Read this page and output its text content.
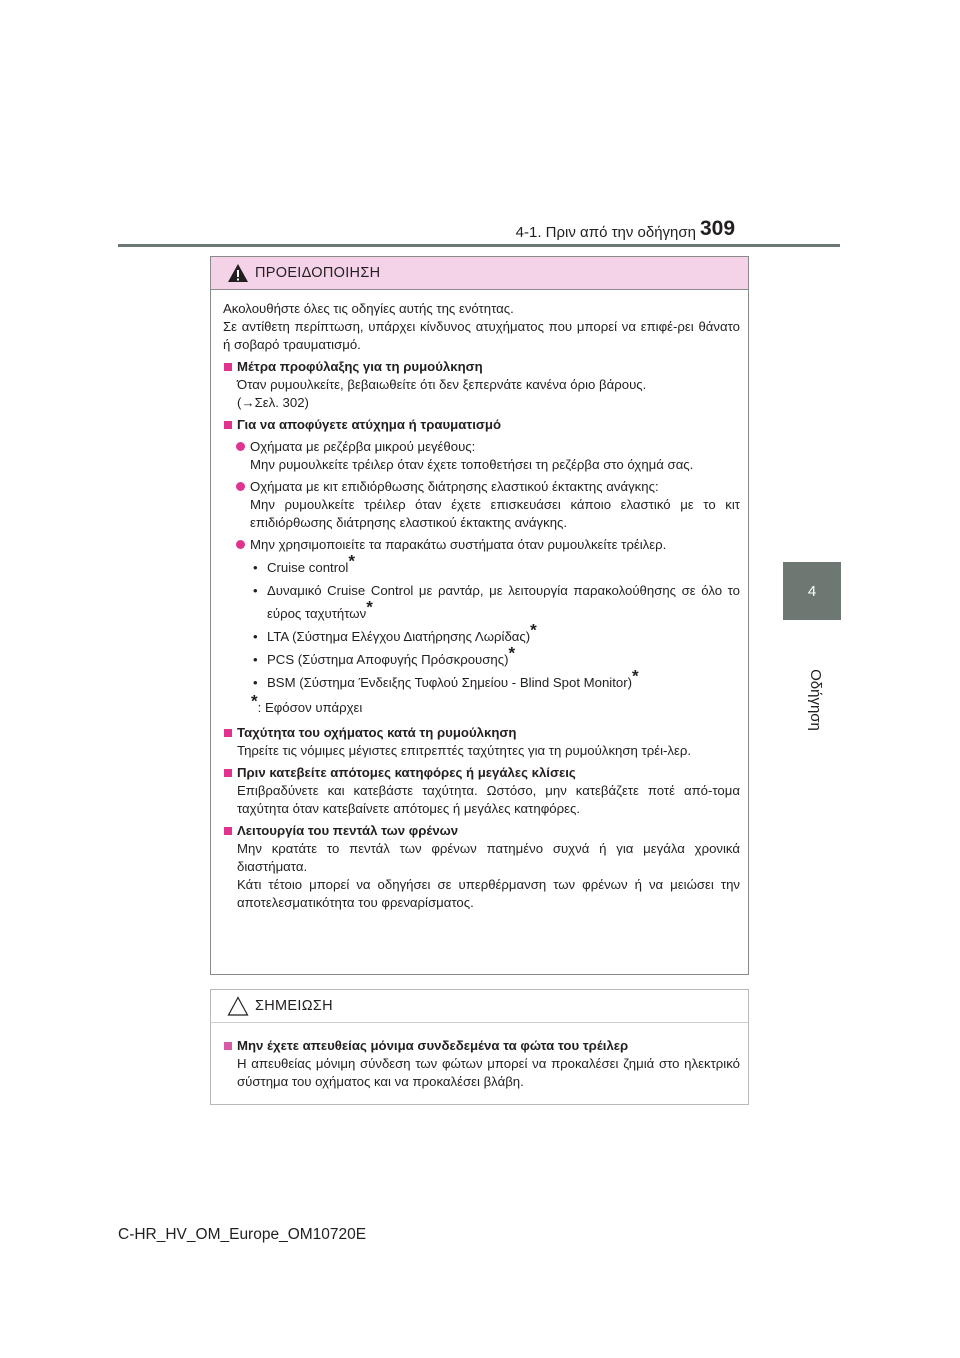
4-1. Πριν από την οδήγηση 309
4
Οδήγηση
ΠΡΟΕΙΔΟΠΟΙΗΣΗ

Ακολουθήστε όλες τις οδηγίες αυτής της ενότητας.

Σε αντίθετη περίπτωση, υπάρχει κίνδυνος ατυχήματος που μπορεί να επιφέ-ρει θάνατο ή σοβαρό τραυματισμό.

Μέτρα προφύλαξης για τη ρυμούλκηση

Όταν ρυμουλκείτε, βεβαιωθείτε ότι δεν ξεπερνάτε κανένα όριο βάρους.

(→Σελ. 302)

Για να αποφύγετε ατύχημα ή τραυματισμό

Οχήματα με ρεζέρβα μικρού μεγέθους:

Μην ρυμουλκείτε τρέιλερ όταν έχετε τοποθετήσει τη ρεζέρβα στο όχημά σας.

Οχήματα με κιτ επιδιόρθωσης διάτρησης ελαστικού έκτακτης ανάγκης:

Μην ρυμουλκείτε τρέιλερ όταν έχετε επισκευάσει κάποιο ελαστικό με το κιτ επιδιόρθωσης διάτρησης ελαστικού έκτακτης ανάγκης.

Μην χρησιμοποιείτε τα παρακάτω συστήματα όταν ρυμουλκείτε τρέιλερ.

• Cruise control*
• Δυναμικό Cruise Control με ραντάρ, με λειτουργία παρακολούθησης σε όλο το εύρος ταχυτήτων*
• LTA (Σύστημα Ελέγχου Διατήρησης Λωρίδας)*
• PCS (Σύστημα Αποφυγής Πρόσκρουσης)*
• BSM (Σύστημα Ένδειξης Τυφλού Σημείου - Blind Spot Monitor)*
*: Εφόσον υπάρχει
Ταχύτητα του οχήματος κατά τη ρυμούλκηση

Τηρείτε τις νόμιμες μέγιστες επιτρεπτές ταχύτητες για τη ρυμούλκηση τρέι-λερ.

Πριν κατεβείτε απότομες κατηφόρες ή μεγάλες κλίσεις

Επιβραδύνετε και κατεβάστε ταχύτητα. Ωστόσο, μην κατεβάζετε ποτέ από-τομα ταχύτητα όταν κατεβαίνετε απότομες ή μεγάλες κατηφόρες.

Λειτουργία του πεντάλ των φρένων

Μην κρατάτε το πεντάλ των φρένων πατημένο συχνά ή για μεγάλα χρονικά διαστήματα.

Κάτι τέτοιο μπορεί να οδηγήσει σε υπερθέρμανση των φρένων ή να μειώσει την αποτελεσματικότητα του φρεναρίσματος.

ΣΗΜΕΙΩΣΗ
Μην έχετε απευθείας μόνιμα συνδεδεμένα τα φώτα του τρέιλερ

Η απευθείας μόνιμη σύνδεση των φώτων μπορεί να προκαλέσει ζημιά στο ηλεκτρικό σύστημα του οχήματος και να προκαλέσει βλάβη.

C-HR_HV_OM_Europe_OM10720E
